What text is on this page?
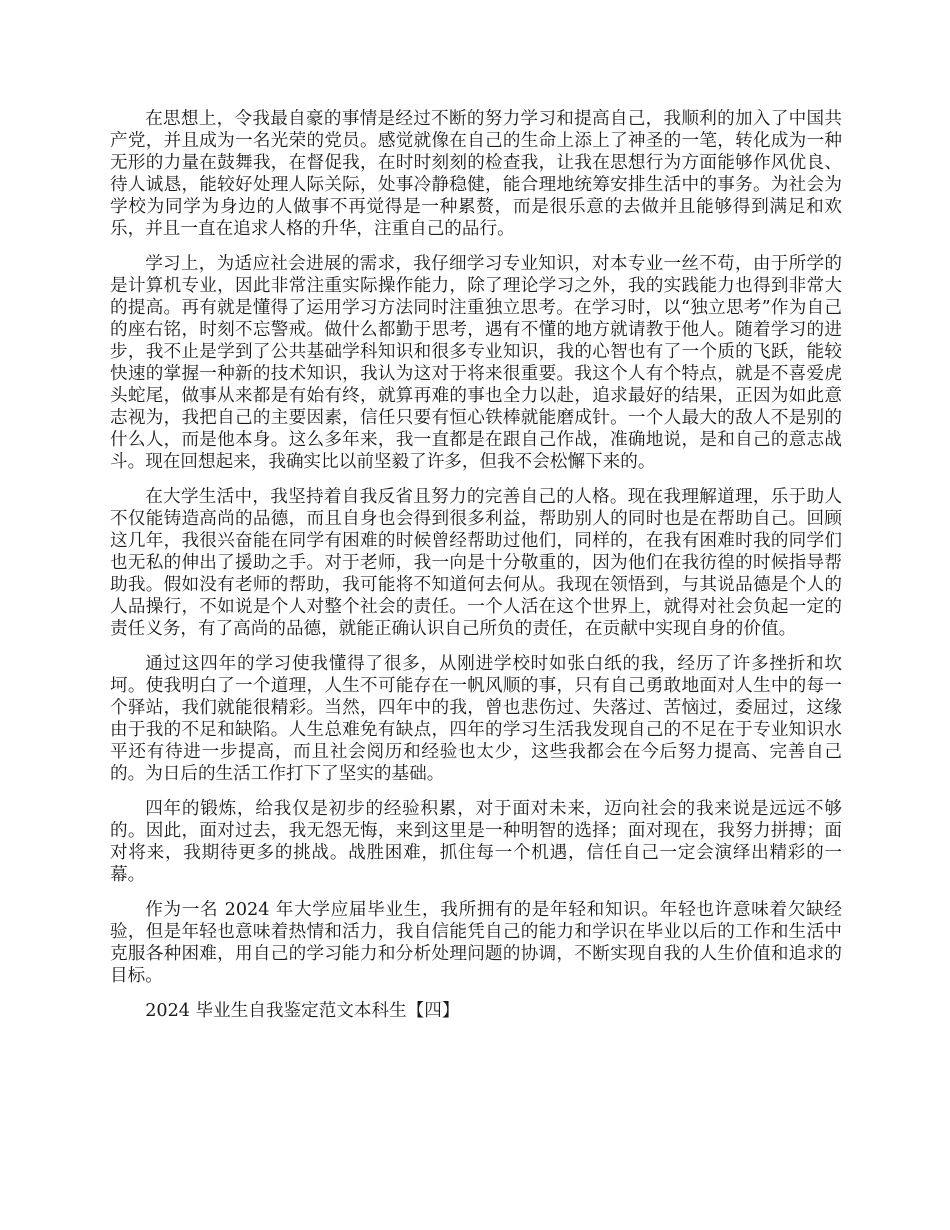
在思想上，令我最自豪的事情是经过不断的努力学习和提高自己，我顺利的加入了中国共产党，并且成为一名光荣的党员。感觉就像在自己的生命上添上了神圣的一笔，转化成为一种无形的力量在鼓舞我，在督促我，在时时刻刻的检查我，让我在思想行为方面能够作风优良、待人诚恳，能较好处理人际关际，处事冷静稳健，能合理地统筹安排生活中的事务。为社会为学校为同学为身边的人做事不再觉得是一种累赘，而是很乐意的去做并且能够得到满足和欢乐，并且一直在追求人格的升华，注重自己的品行。

学习上，为适应社会进展的需求，我仔细学习专业知识，对本专业一丝不苟，由于所学的是计算机专业，因此非常注重实际操作能力，除了理论学习之外，我的实践能力也得到非常大的提高。再有就是懂得了运用学习方法同时注重独立思考。在学习时，以“独立思考”作为自己的座右铭，时刻不忘警戒。做什么都勤于思考，遇有不懂的地方就请教于他人。随着学习的进步，我不止是学到了公共基础学科知识和很多专业知识，我的心智也有了一个质的飞跃，能较快速的掌握一种新的技术知识，我认为这对于将来很重要。我这个人有个特点，就是不喜爱虎头蛇尾，做事从来都是有始有终，就算再难的事也全力以赴，追求最好的结果，正因为如此意志视为，我把自己的主要因素，信任只要有恒心铁棒就能磨成针。一个人最大的敌人不是别的什么人，而是他本身。这么多年来，我一直都是在跟自己作战，准确地说，是和自己的意志战斗。现在回想起来，我确实比以前坚毅了许多，但我不会松懈下来的。

在大学生活中，我坚持着自我反省且努力的完善自己的人格。现在我理解道理，乐于助人不仅能铸造高尚的品德，而且自身也会得到很多利益，帮助别人的同时也是在帮助自己。回顾这几年，我很兴奋能在同学有困难的时候曾经帮助过他们，同样的，在我有困难时我的同学们也无私的伸出了援助之手。对于老师，我一向是十分敬重的，因为他们在我彷徨的时候指导帮助我。假如没有老师的帮助，我可能将不知道何去何从。我现在领悟到，与其说品德是个人的人品操行，不如说是个人对整个社会的责任。一个人活在这个世界上，就得对社会负起一定的责任义务，有了高尚的品德，就能正确认识自己所负的责任，在贡献中实现自身的价值。

通过这四年的学习使我懂得了很多，从刚进学校时如张白纸的我，经历了许多挫折和坎坷。使我明白了一个道理，人生不可能存在一帆风顺的事，只有自己勇敢地面对人生中的每一个驿站，我们就能很精彩。当然，四年中的我，曾也悲伤过、失落过、苦恼过，委屈过，这缘由于我的不足和缺陷。人生总难免有缺点，四年的学习生活我发现自己的不足在于专业知识水平还有待进一步提高，而且社会阅历和经验也太少，这些我都会在今后努力提高、完善自己的。为日后的生活工作打下了坚实的基础。

四年的锻炼，给我仅是初步的经验积累，对于面对未来，迈向社会的我来说是远远不够的。因此，面对过去，我无怨无悔，来到这里是一种明智的选择；面对现在，我努力拼搏；面对将来，我期待更多的挑战。战胜困难，抓住每一个机遇，信任自己一定会演绎出精彩的一幕。

作为一名 2024 年大学应届毕业生，我所拥有的是年轻和知识。年轻也许意味着欠缺经验，但是年轻也意味着热情和活力，我自信能凭自己的能力和学识在毕业以后的工作和生活中克服各种困难，用自己的学习能力和分析处理问题的协调，不断实现自我的人生价值和追求的目标。

2024 毕业生自我鉴定范文本科生【四】
